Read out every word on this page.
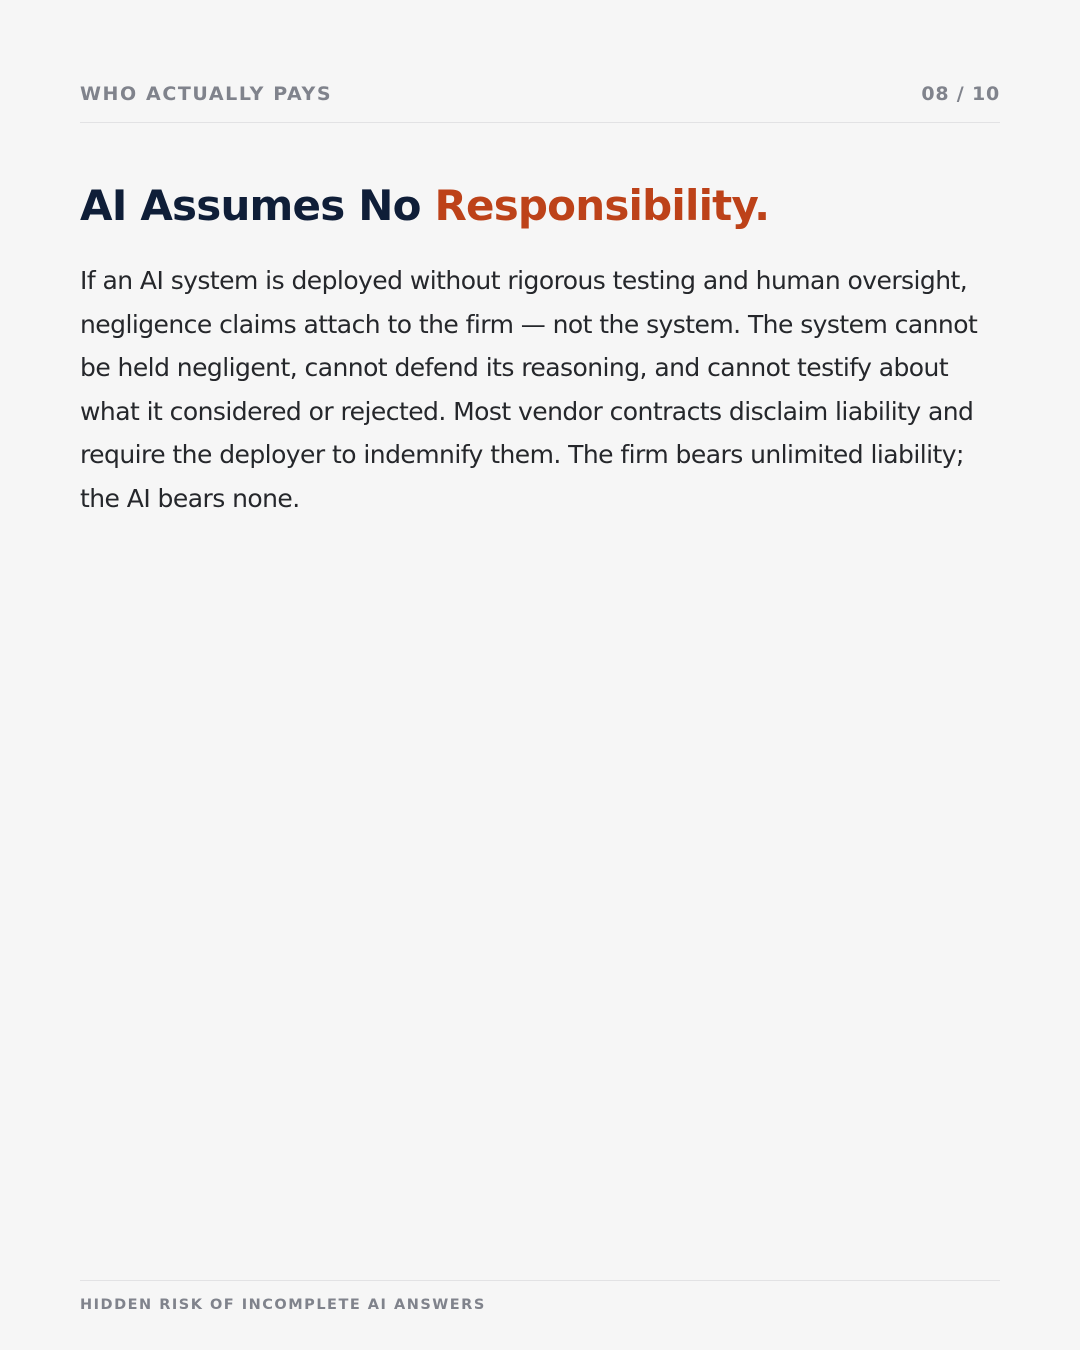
WHO ACTUALLY PAYS	08 / 10
AI Assumes No Responsibility.

If an AI system is deployed without rigorous testing and human oversight, negligence claims attach to the firm — not the system. The system cannot be held negligent, cannot defend its reasoning, and cannot testify about what it considered or rejected. Most vendor contracts disclaim liability and require the deployer to indemnify them. The firm bears unlimited liability; the AI bears none.

HIDDEN RISK OF INCOMPLETE AI ANSWERS
